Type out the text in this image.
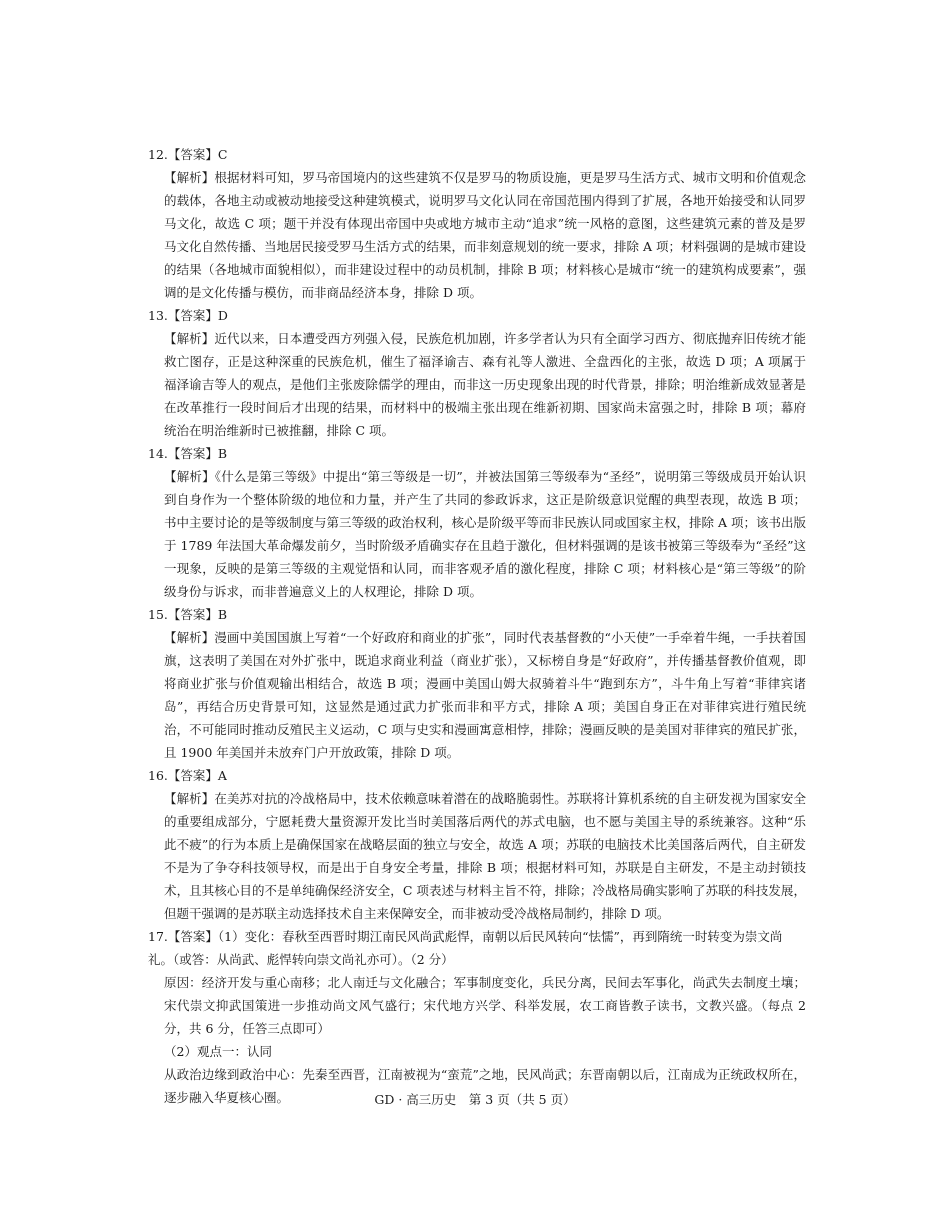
12.【答案】C
【解析】根据材料可知，罗马帝国境内的这些建筑不仅是罗马的物质设施，更是罗马生活方式、城市文明和价值观念的载体，各地主动或被动地接受这种建筑模式，说明罗马文化认同在帝国范围内得到了扩展，各地开始接受和认同罗马文化，故选 C 项；题干并没有体现出帝国中央或地方城市主动“追求”统一风格的意图，这些建筑元素的普及是罗马文化自然传播、当地居民接受罗马生活方式的结果，而非刻意规划的统一要求，排除 A 项；材料强调的是城市建设的结果（各地城市面貌相似），而非建设过程中的动员机制，排除 B 项；材料核心是城市“统一的建筑构成要素”，强调的是文化传播与模仿，而非商品经济本身，排除 D 项。
13.【答案】D
【解析】近代以来，日本遭受西方列强入侵，民族危机加剧，许多学者认为只有全面学习西方、彻底抛弃旧传统才能救亡图存，正是这种深重的民族危机，催生了福泽谕吉、森有礼等人激进、全盘西化的主张，故选 D 项；A 项属于福泽谕吉等人的观点，是他们主张废除儒学的理由，而非这一历史现象出现的时代背景，排除；明治维新成效显著是在改革推行一段时间后才出现的结果，而材料中的极端主张出现在维新初期、国家尚未富强之时，排除 B 项；幕府统治在明治维新时已被推翻，排除 C 项。
14.【答案】B
【解析】《什么是第三等级》中提出“第三等级是一切”，并被法国第三等级奉为“圣经”，说明第三等级成员开始认识到自身作为一个整体阶级的地位和力量，并产生了共同的参政诉求，这正是阶级意识觉醒的典型表现，故选 B 项；书中主要讨论的是等级制度与第三等级的政治权利，核心是阶级平等而非民族认同或国家主权，排除 A 项；该书出版于 1789 年法国大革命爆发前夕，当时阶级矛盾确实存在且趋于激化，但材料强调的是该书被第三等级奉为“圣经”这一现象，反映的是第三等级的主观觉悟和认同，而非客观矛盾的激化程度，排除 C 项；材料核心是“第三等级”的阶级身份与诉求，而非普遍意义上的人权理论，排除 D 项。
15.【答案】B
【解析】漫画中美国国旗上写着“一个好政府和商业的扩张”，同时代表基督教的“小天使”一手牵着牛绳，一手扶着国旗，这表明了美国在对外扩张中，既追求商业利益（商业扩张），又标榜自身是“好政府”，并传播基督教价值观，即将商业扩张与价值观输出相结合，故选 B 项；漫画中美国山姆大叔骑着斗牛“跑到东方”，斗牛角上写着“菲律宾诸岛”，再结合历史背景可知，这显然是通过武力扩张而非和平方式，排除 A 项；美国自身正在对菲律宾进行殖民统治，不可能同时推动反殖民主义运动，C 项与史实和漫画寓意相悖，排除；漫画反映的是美国对菲律宾的殖民扩张，且 1900 年美国并未放弃门户开放政策，排除 D 项。
16.【答案】A
【解析】在美苏对抗的冷战格局中，技术依赖意味着潜在的战略脆弱性。苏联将计算机系统的自主研发视为国家安全的重要组成部分，宁愿耗费大量资源开发比当时美国落后两代的苏式电脑，也不愿与美国主导的系统兼容。这种“乐此不疲”的行为本质上是确保国家在战略层面的独立与安全，故选 A 项；苏联的电脑技术比美国落后两代，自主研发不是为了争夺科技领导权，而是出于自身安全考量，排除 B 项；根据材料可知，苏联是自主研发，不是主动封锁技术，且其核心目的不是单纯确保经济安全，C 项表述与材料主旨不符，排除；冷战格局确实影响了苏联的科技发展，但题干强调的是苏联主动选择技术自主来保障安全，而非被动受冷战格局制约，排除 D 项。
17.【答案】（1）变化：春秋至西晋时期江南民风尚武彪悍，南朝以后民风转向“怯懦”，再到隋统一时转变为崇文尚礼。（或答：从尚武、彪悍转向崇文尚礼亦可）。（2 分）
原因：经济开发与重心南移；北人南迁与文化融合；军事制度变化，兵民分离，民间去军事化，尚武失去制度土壤；宋代崇文抑武国策进一步推动尚文风气盛行；宋代地方兴学、科举发展，农工商皆教子读书，文教兴盛。（每点 2 分，共 6 分，任答三点即可）
（2）观点一：认同
从政治边缘到政治中心：先秦至西晋，江南被视为“蛮荒”之地，民风尚武；东晋南朝以后，江南成为正统政权所在，逐步融入华夏核心圈。	GD · 高三历史　第 3 页（共 5 页）
